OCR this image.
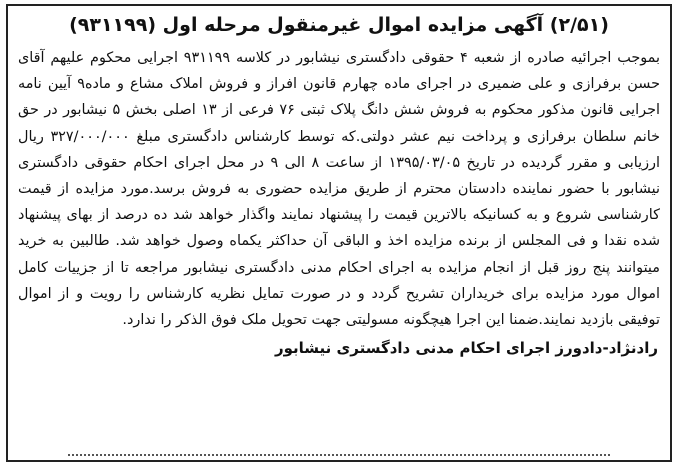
(۲/۵۱) آگهی مزایده اموال غیرمنقول مرحله اول (۹۳۱۱۹۹)

بموجب اجرائیه صادره از شعبه ۴ حقوقی دادگستری نیشابور در کلاسه ۹۳۱۱۹۹ اجرایی محکوم علیهم آقای حسن برفرازی و علی ضمیری در اجرای ماده چهارم قانون افراز و فروش املاک مشاع و ماده۹ آیین نامه اجرایی قانون مذکور محکوم به فروش شش دانگ پلاک ثبتی ۷۶ فرعی از ۱۳ اصلی بخش ۵ نیشابور در حق خانم سلطان برفرازی و پرداخت نیم عشر دولتی.که توسط کارشناس دادگستری مبلغ ۳۲۷/۰۰۰/۰۰۰ ریال ارزیابی و مقرر گردیده در تاریخ ۱۳۹۵/۰۳/۰۵ از ساعت ۸ الی ۹ در محل اجرای احکام حقوقی دادگستری نیشابور با حضور نماینده دادستان محترم از طریق مزایده حضوری به فروش برسد.مورد مزایده از قیمت کارشناسی شروع و به کسانیکه بالاترین قیمت را پیشنهاد نمایند واگذار خواهد شد ده درصد از بهای پیشنهاد شده نقدا و فی المجلس از برنده مزایده اخذ و الباقی آن حداکثر یکماه وصول خواهد شد. طالبین به خرید میتوانند پنج روز قبل از انجام مزایده به اجرای احکام مدنی دادگستری نیشابور مراجعه تا از جزییات کامل اموال مورد مزایده برای خریداران تشریح گردد و در صورت تمایل نظریه کارشناس را رویت و از اموال توفیقی بازدید نمایند.ضمنا این اجرا هیچگونه مسولیتی جهت تحویل ملک فوق الذکر را ندارد.

رادنژاد-دادورز اجرای احکام مدنی دادگستری نیشابور
